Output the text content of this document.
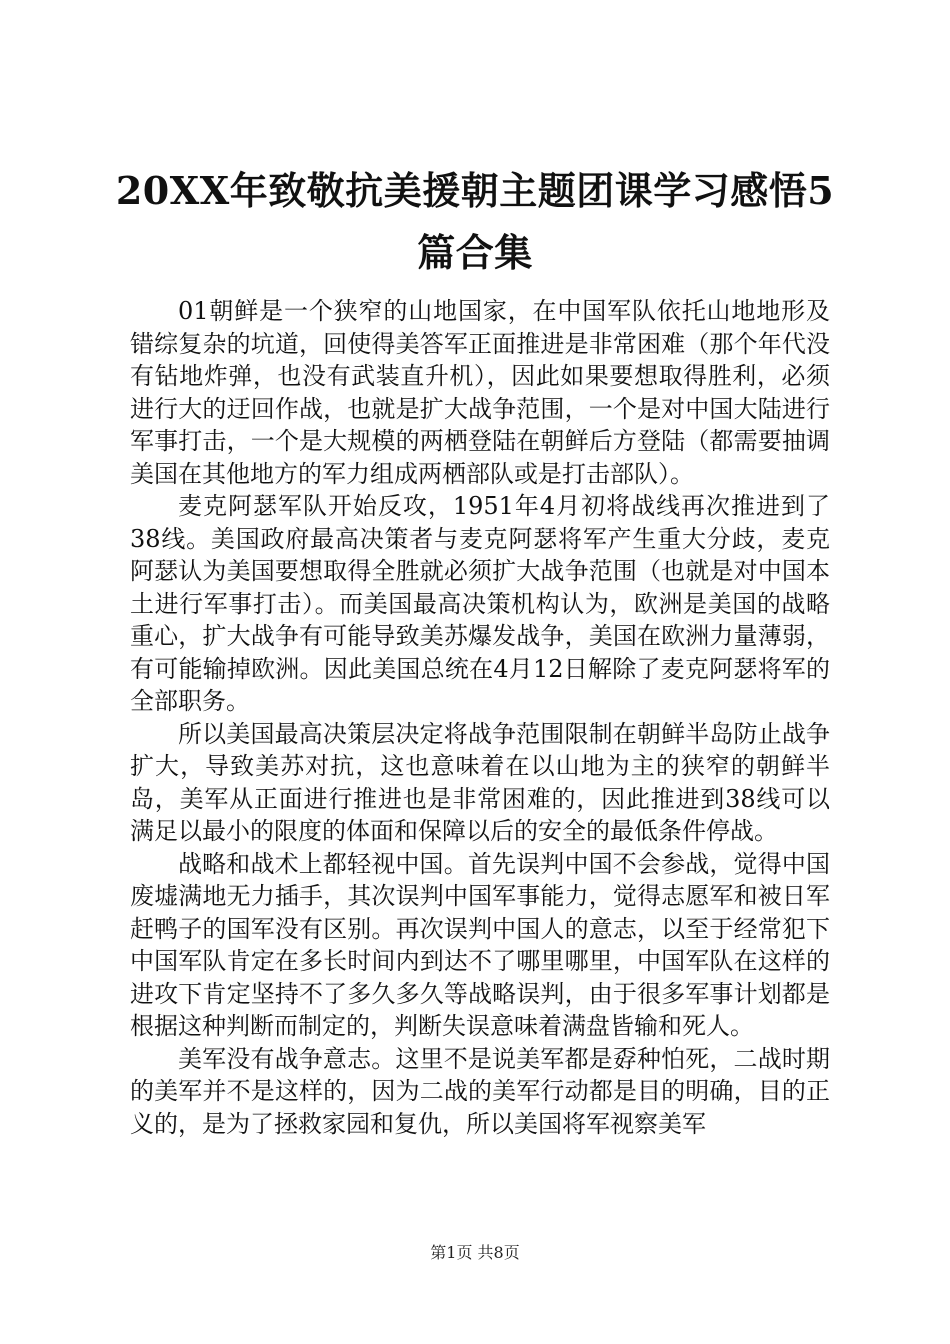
20XX年致敬抗美援朝主题团课学习感悟5篇合集

01朝鲜是一个狭窄的山地国家，在中国军队依托山地地形及错综复杂的坑道，回使得美答军正面推进是非常困难（那个年代没有钻地炸弹，也没有武装直升机），因此如果要想取得胜利，必须进行大的迂回作战，也就是扩大战争范围，一个是对中国大陆进行军事打击，一个是大规模的两栖登陆在朝鲜后方登陆（都需要抽调美国在其他地方的军力组成两栖部队或是打击部队）。

麦克阿瑟军队开始反攻，1951年4月初将战线再次推进到了38线。美国政府最高决策者与麦克阿瑟将军产生重大分歧，麦克阿瑟认为美国要想取得全胜就必须扩大战争范围（也就是对中国本土进行军事打击）。而美国最高决策机构认为，欧洲是美国的战略重心，扩大战争有可能导致美苏爆发战争，美国在欧洲力量薄弱，有可能输掉欧洲。因此美国总统在4月12日解除了麦克阿瑟将军的全部职务。

所以美国最高决策层决定将战争范围限制在朝鲜半岛防止战争扩大，导致美苏对抗，这也意味着在以山地为主的狭窄的朝鲜半岛，美军从正面进行推进也是非常困难的，因此推进到38线可以满足以最小的限度的体面和保障以后的安全的最低条件停战。

战略和战术上都轻视中国。首先误判中国不会参战，觉得中国废墟满地无力插手，其次误判中国军事能力，觉得志愿军和被日军赶鸭子的国军没有区别。再次误判中国人的意志，以至于经常犯下中国军队肯定在多长时间内到达不了哪里哪里，中国军队在这样的进攻下肯定坚持不了多久多久等战略误判，由于很多军事计划都是根据这种判断而制定的，判断失误意味着满盘皆输和死人。

美军没有战争意志。这里不是说美军都是孬种怕死，二战时期的美军并不是这样的，因为二战的美军行动都是目的明确，目的正义的，是为了拯救家园和复仇，所以美国将军视察美军

第1页 共8页
